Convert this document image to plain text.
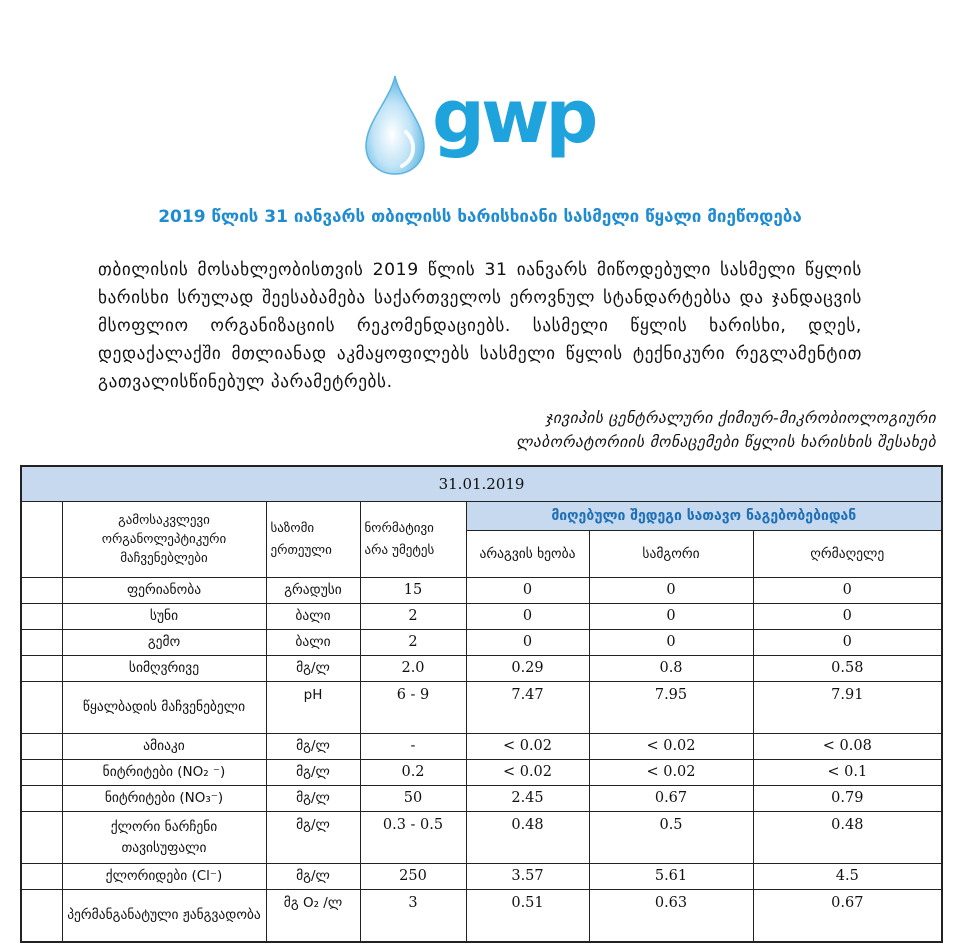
gwp
2019 წლის 31 იანვარს თბილისს ხარისხიანი სასმელი წყალი მიეწოდება
თბილისის მოსახლეობისთვის 2019 წლის 31 იანვარს მიწოდებული სასმელი წყლის ხარისხი სრულად შეესაბამება საქართველოს ეროვნულ სტანდარტებსა და ჯანდაცვის მსოფლიო ორგანიზაციის რეკომენდაციებს. სასმელი წყლის ხარისხი, დღეს, დედაქალაქში მთლიანად აკმაყოფილებს სასმელი წყლის ტექნიკური რეგლამენტით გათვალისწინებულ პარამეტრებს.
ჯივიპის ცენტრალური ქიმიურ-მიკრობიოლოგიური
ლაბორატორიის მონაცემები წყლის ხარისხის შესახებ
31.01.2019						
	გამოსაკვლევი ორგანოლეპტიკური მაჩვენებლები	საზომი ერთეული	ნორმატივი არა უმეტეს	მიღებული შედეგი სათავო ნაგებობებიდან		
				არაგვის ხეობა	სამგორი	ღრმაღელე
	ფერიანობა	გრადუსი	15	0	0	0
	სუნი	ბალი	2	0	0	0
	გემო	ბალი	2	0	0	0
	სიმღვრივე	მგ/ლ	2.0	0.29	0.8	0.58
	წყალბადის მაჩვენებელი	pH	6 - 9	7.47	7.95	7.91
	ამიაკი	მგ/ლ	-	< 0.02	< 0.02	< 0.08
	ნიტრიტები (NO₂ ⁻)	მგ/ლ	0.2	< 0.02	< 0.02	< 0.1
	ნიტრიტები (NO₃⁻)	მგ/ლ	50	2.45	0.67	0.79
	ქლორი ნარჩენი თავისუფალი	მგ/ლ	0.3 - 0.5	0.48	0.5	0.48
	ქლორიდები (Cl⁻)	მგ/ლ	250	3.57	5.61	4.5
	პერმანგანატული ჟანგვადობა	მგ O₂ /ლ	3	0.51	0.63	0.67
